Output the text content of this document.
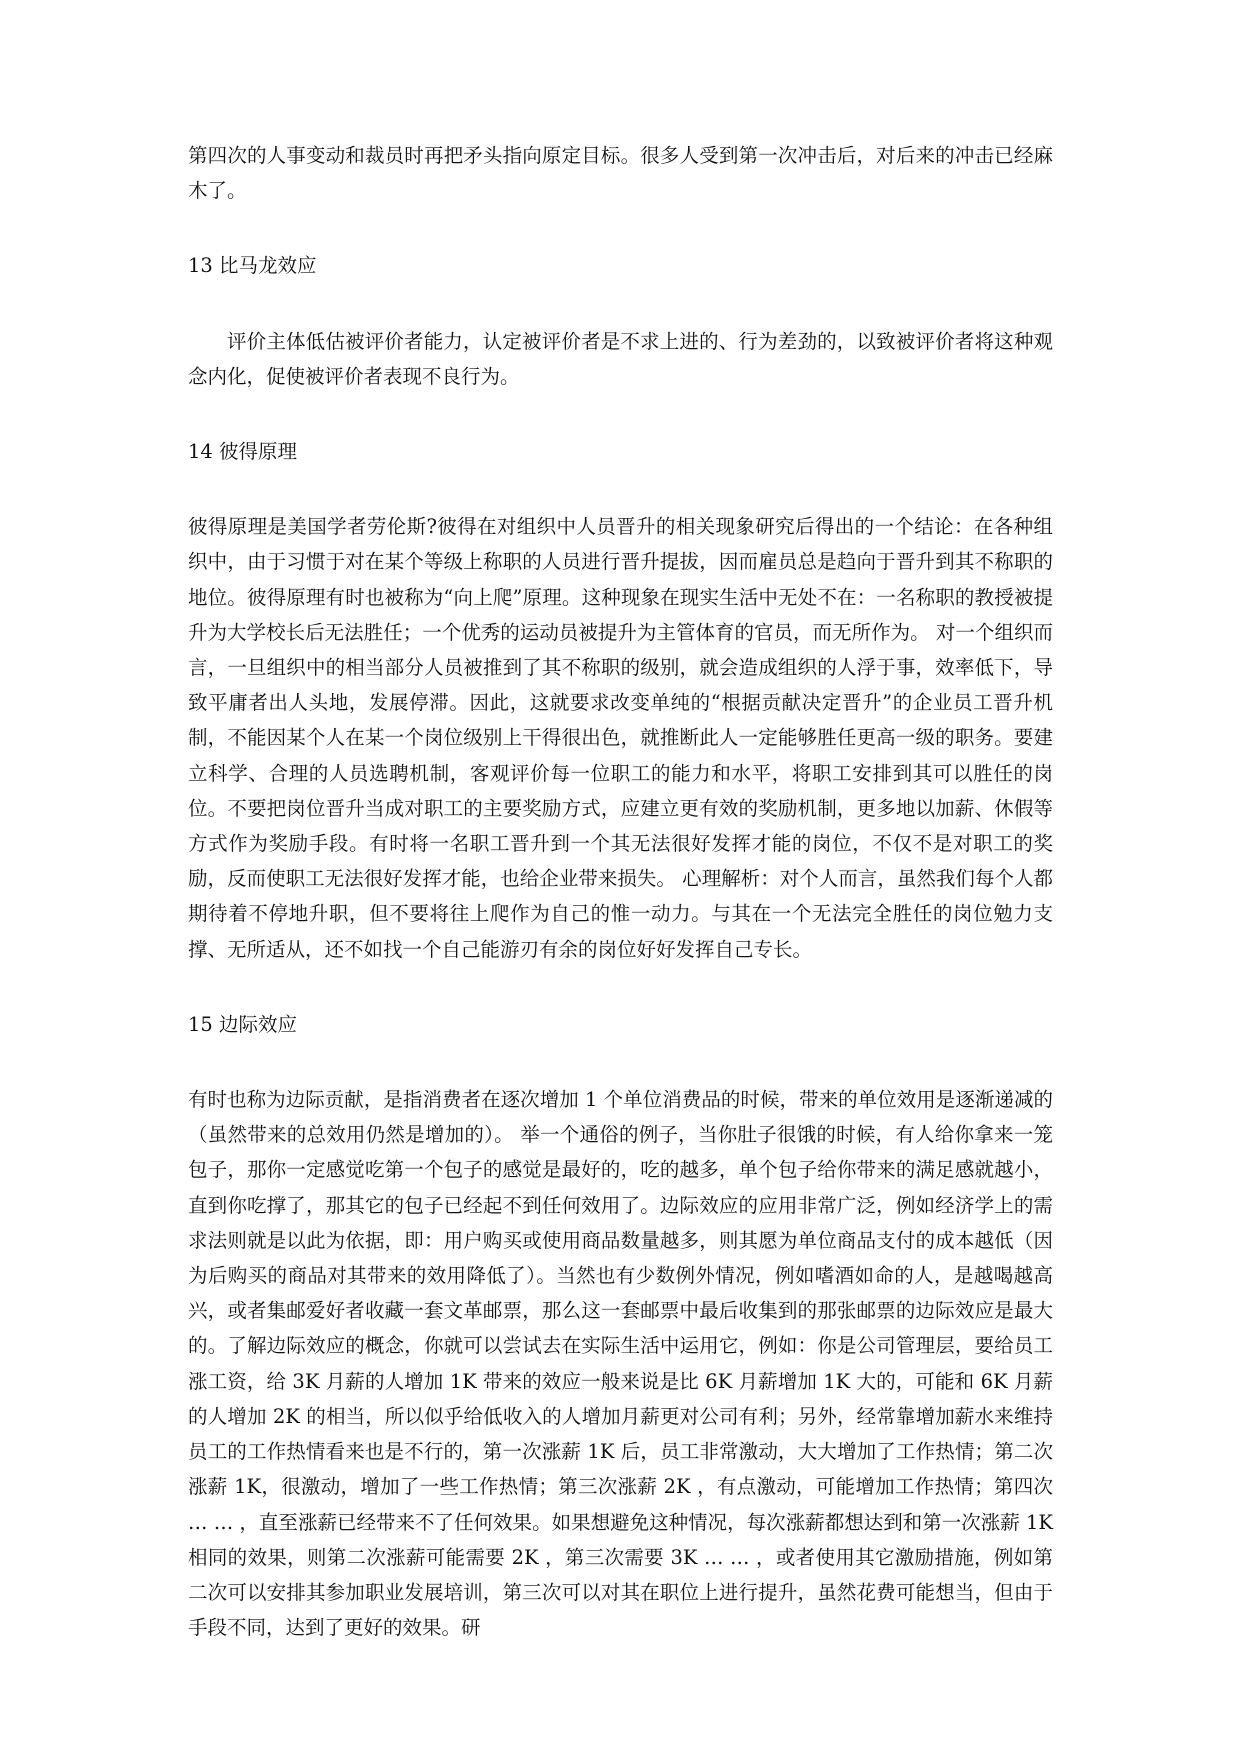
第四次的人事变动和裁员时再把矛头指向原定目标。很多人受到第一次冲击后，对后来的冲击已经麻木了。

13 比马龙效应

评价主体低估被评价者能力，认定被评价者是不求上进的、行为差劲的，以致被评价者将这种观念内化，促使被评价者表现不良行为。

14 彼得原理

彼得原理是美国学者劳伦斯?彼得在对组织中人员晋升的相关现象研究后得出的一个结论：在各种组织中，由于习惯于对在某个等级上称职的人员进行晋升提拔，因而雇员总是趋向于晋升到其不称职的地位。彼得原理有时也被称为“向上爬”原理。这种现象在现实生活中无处不在：一名称职的教授被提升为大学校长后无法胜任；一个优秀的运动员被提升为主管体育的官员，而无所作为。 对一个组织而言，一旦组织中的相当部分人员被推到了其不称职的级别，就会造成组织的人浮于事，效率低下，导致平庸者出人头地，发展停滞。因此，这就要求改变单纯的“根据贡献决定晋升”的企业员工晋升机制，不能因某个人在某一个岗位级别上干得很出色，就推断此人一定能够胜任更高一级的职务。要建立科学、合理的人员选聘机制，客观评价每一位职工的能力和水平，将职工安排到其可以胜任的岗位。不要把岗位晋升当成对职工的主要奖励方式，应建立更有效的奖励机制，更多地以加薪、休假等方式作为奖励手段。有时将一名职工晋升到一个其无法很好发挥才能的岗位，不仅不是对职工的奖励，反而使职工无法很好发挥才能，也给企业带来损失。 心理解析：对个人而言，虽然我们每个人都期待着不停地升职，但不要将往上爬作为自己的惟一动力。与其在一个无法完全胜任的岗位勉力支撑、无所适从，还不如找一个自己能游刃有余的岗位好好发挥自己专长。

15 边际效应

有时也称为边际贡献，是指消费者在逐次增加 1 个单位消费品的时候，带来的单位效用是逐渐递减的（虽然带来的总效用仍然是增加的）。 举一个通俗的例子，当你肚子很饿的时候，有人给你拿来一笼包子，那你一定感觉吃第一个包子的感觉是最好的，吃的越多，单个包子给你带来的满足感就越小，直到你吃撑了，那其它的包子已经起不到任何效用了。边际效应的应用非常广泛，例如经济学上的需求法则就是以此为依据，即：用户购买或使用商品数量越多，则其愿为单位商品支付的成本越低（因为后购买的商品对其带来的效用降低了）。当然也有少数例外情况，例如嗜酒如命的人，是越喝越高兴，或者集邮爱好者收藏一套文革邮票，那么这一套邮票中最后收集到的那张邮票的边际效应是最大的。了解边际效应的概念，你就可以尝试去在实际生活中运用它，例如：你是公司管理层，要给员工涨工资，给 3K 月薪的人增加 1K 带来的效应一般来说是比 6K 月薪增加 1K 大的，可能和 6K 月薪的人增加 2K 的相当，所以似乎给低收入的人增加月薪更对公司有利；另外，经常靠增加薪水来维持员工的工作热情看来也是不行的，第一次涨薪 1K 后，员工非常激动，大大增加了工作热情；第二次涨薪 1K，很激动，增加了一些工作热情；第三次涨薪 2K ，有点激动，可能增加工作热情；第四次 … … ，直至涨薪已经带来不了任何效果。如果想避免这种情况，每次涨薪都想达到和第一次涨薪 1K 相同的效果，则第二次涨薪可能需要 2K ，第三次需要 3K … … ，或者使用其它激励措施，例如第二次可以安排其参加职业发展培训，第三次可以对其在职位上进行提升，虽然花费可能想当，但由于手段不同，达到了更好的效果。研
